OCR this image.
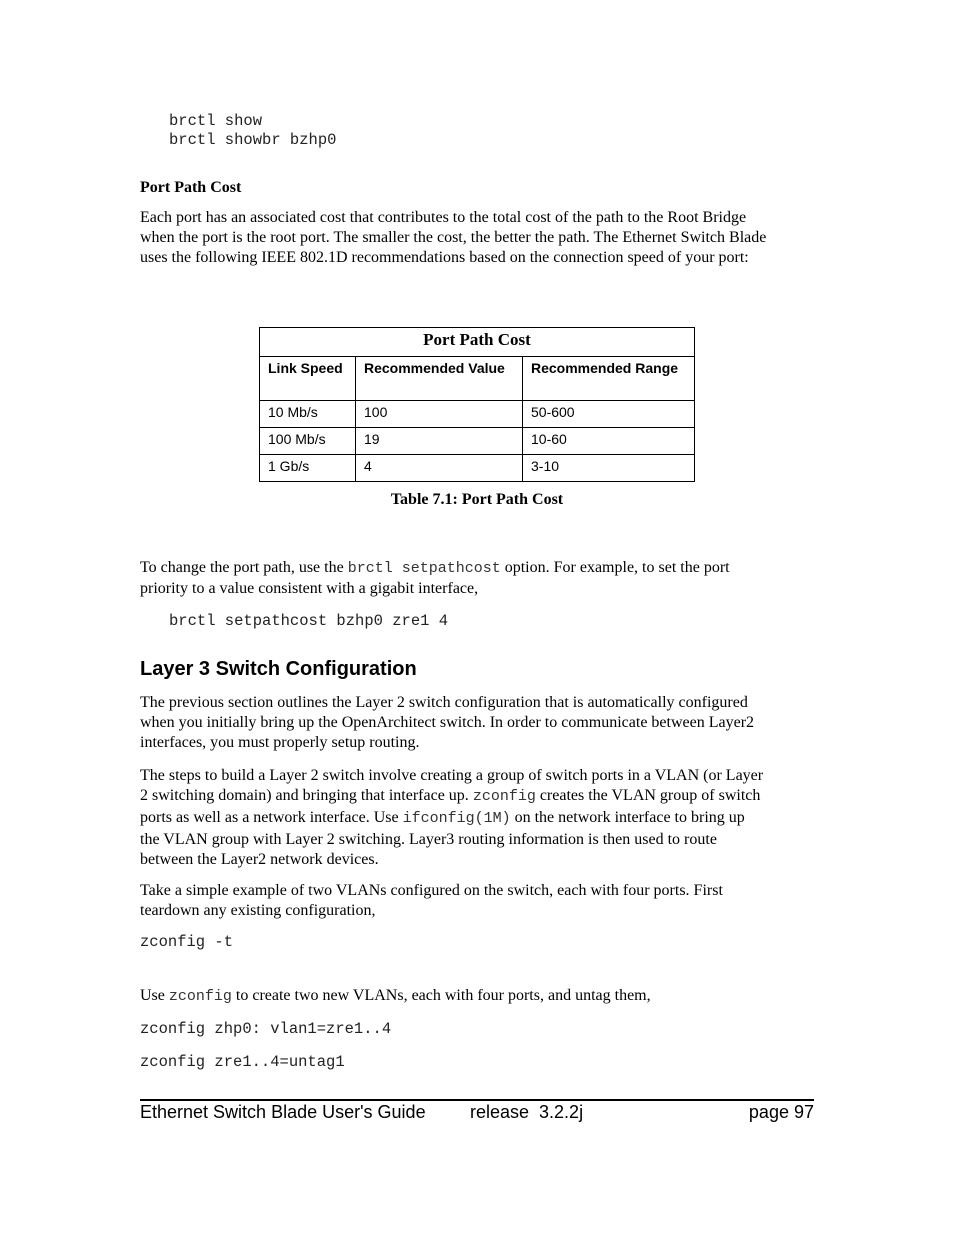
brctl show
brctl showbr bzhp0
Port Path Cost
Each port has an associated cost that contributes to the total cost of the path to the Root Bridge
when the port is the root port. The smaller the cost, the better the path. The Ethernet Switch Blade
uses the following IEEE 802.1D recommendations based on the connection speed of your port:
Port Path Cost		
Link Speed	Recommended Value	Recommended Range
10 Mb/s	100	50-600
100 Mb/s	19	10-60
1 Gb/s	4	3-10
Table 7.1: Port Path Cost
To change the port path, use the brctl setpathcost option. For example, to set the port
priority to a value consistent with a gigabit interface,
brctl setpathcost bzhp0 zre1 4
Layer 3 Switch Configuration
The previous section outlines the Layer 2 switch configuration that is automatically configured
when you initially bring up the OpenArchitect switch. In order to communicate between Layer2
interfaces, you must properly setup routing.
The steps to build a Layer 2 switch involve creating a group of switch ports in a VLAN (or Layer
2 switching domain) and bringing that interface up. zconfig creates the VLAN group of switch
ports as well as a network interface. Use ifconfig(1M) on the network interface to bring up
the VLAN group with Layer 2 switching. Layer3 routing information is then used to route
between the Layer2 network devices.
Take a simple example of two VLANs configured on the switch, each with four ports. First
teardown any existing configuration,
zconfig -t
Use zconfig to create two new VLANs, each with four ports, and untag them,
zconfig zhp0: vlan1=zre1..4
zconfig zre1..4=untag1
Ethernet Switch Blade User's Guide release  3.2.2j	page 97
